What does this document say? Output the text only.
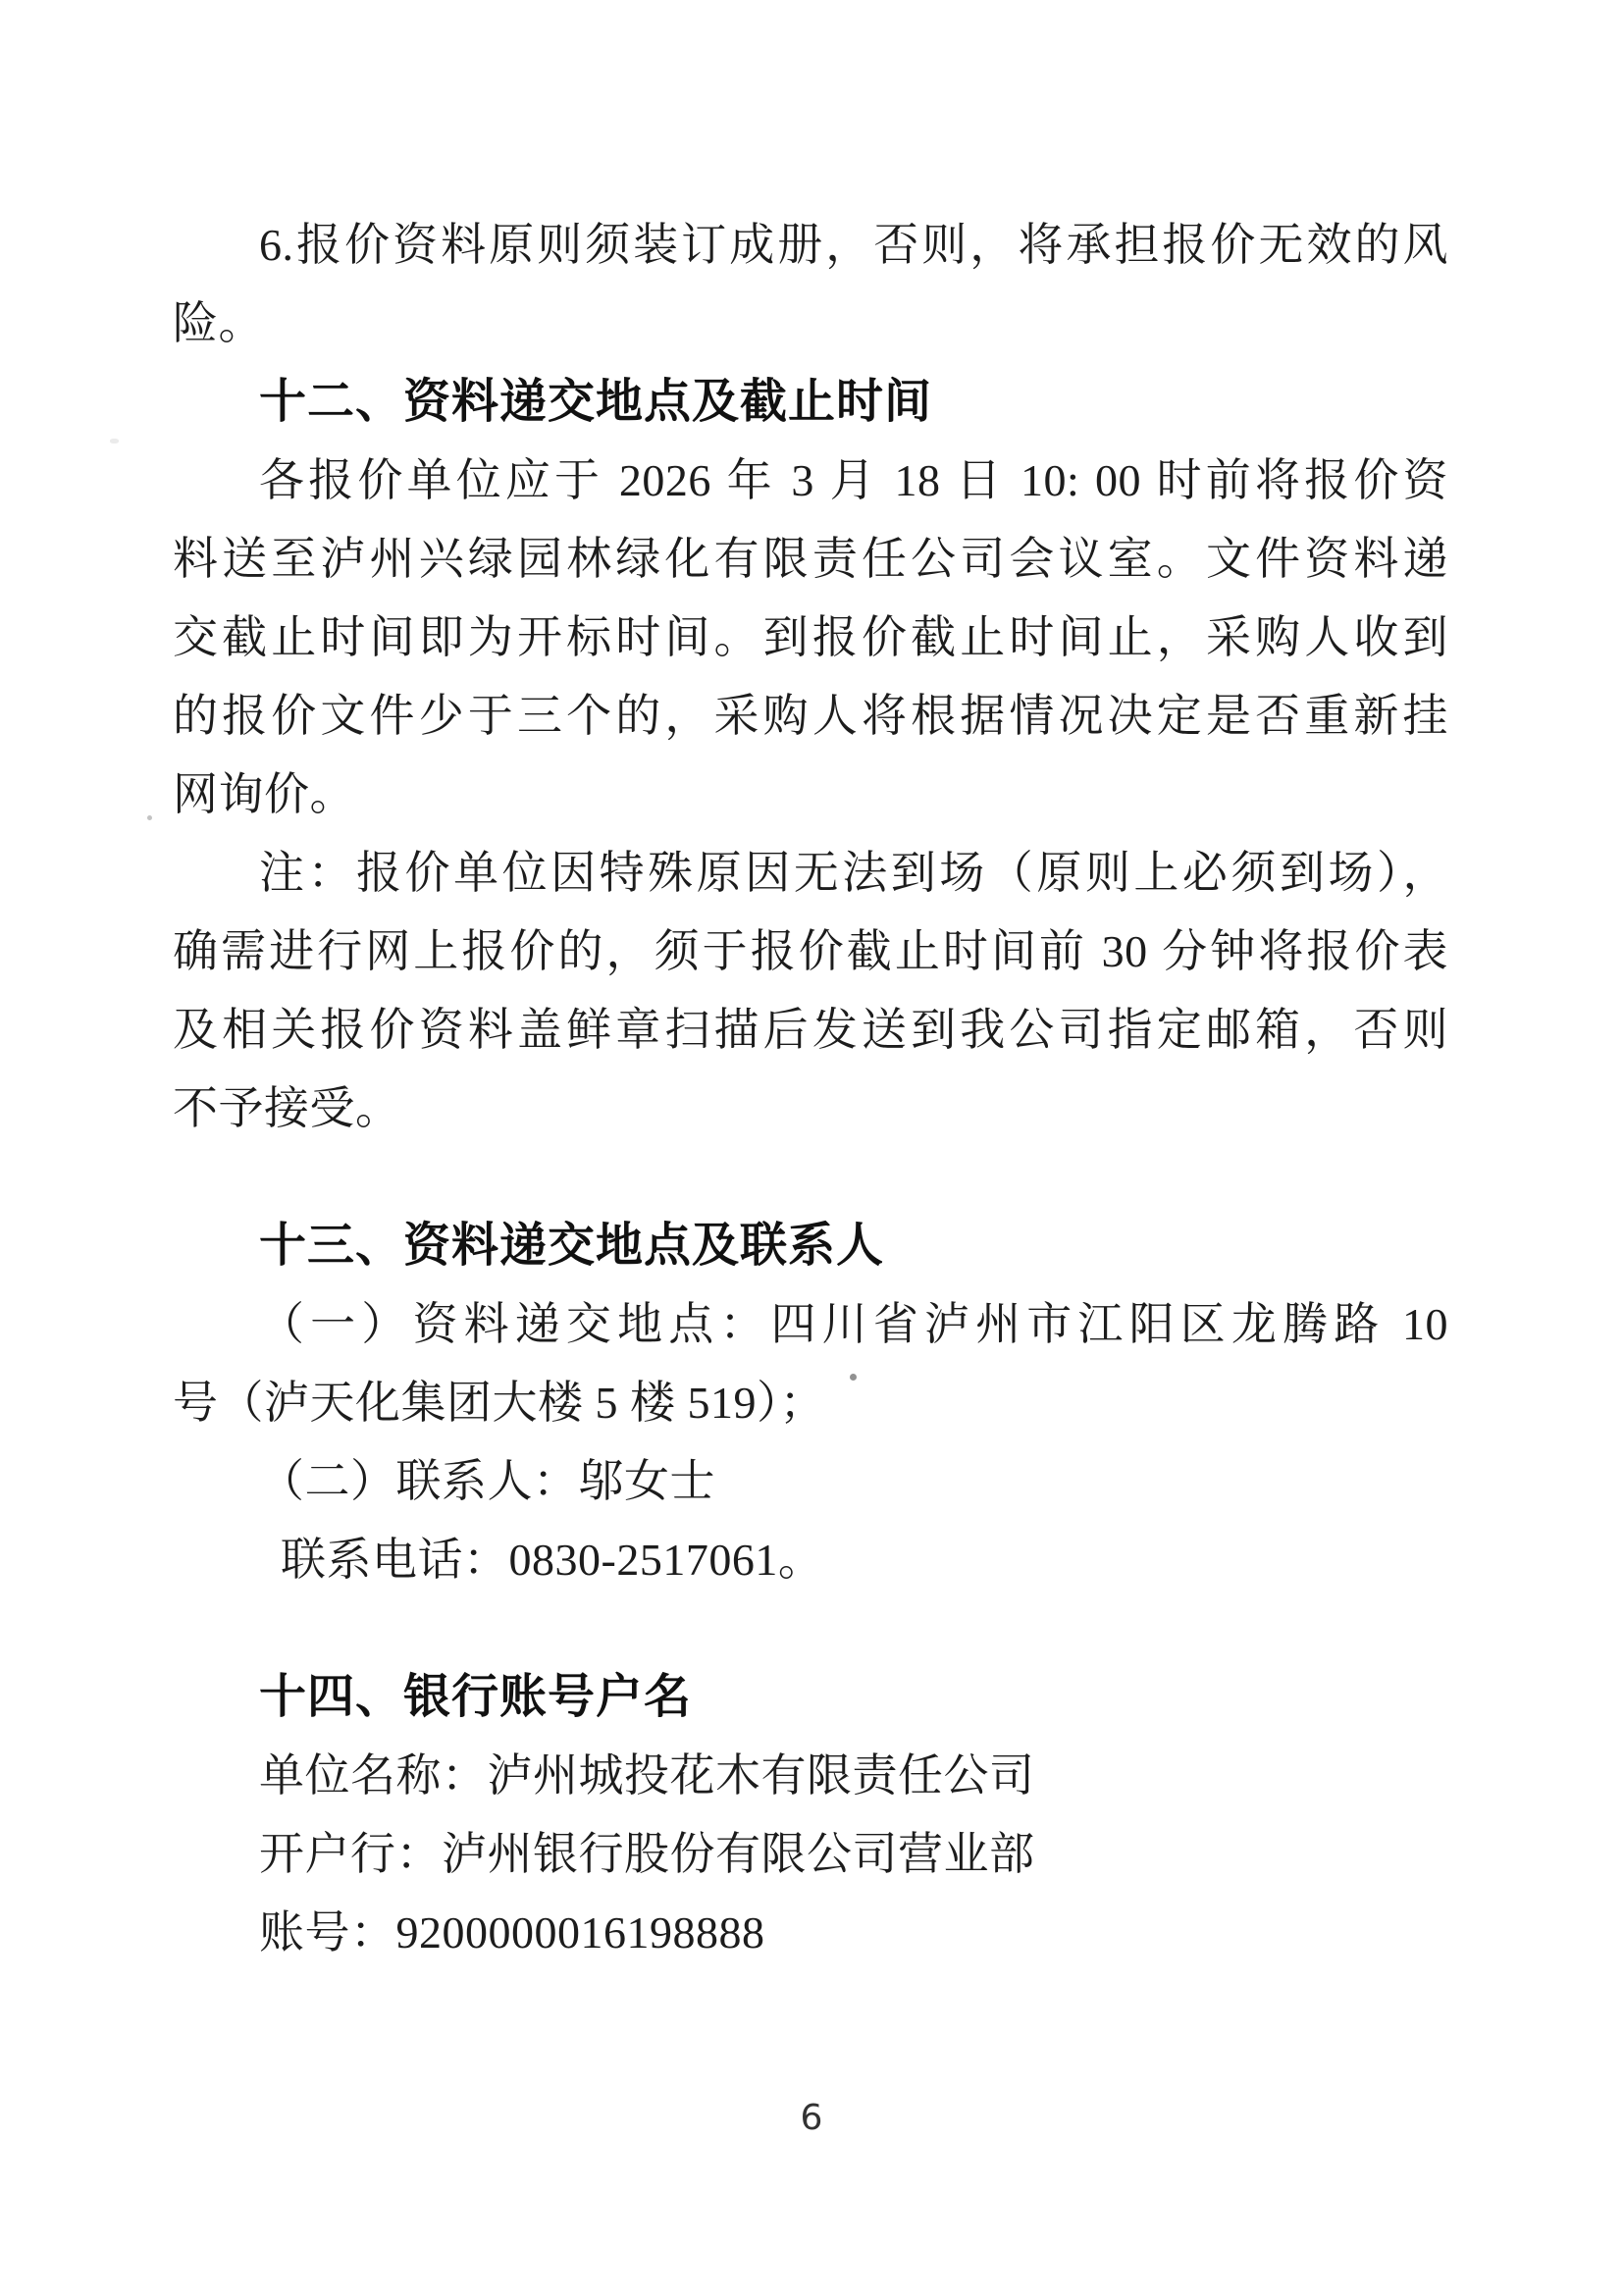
6.报价资料原则须装订成册，否则，将承担报价无效的风
险。
十二、资料递交地点及截止时间
各报价单位应于 2026 年 3 月 18 日 10: 00 时前将报价资
料送至泸州兴绿园林绿化有限责任公司会议室。文件资料递
交截止时间即为开标时间。到报价截止时间止，采购人收到
的报价文件少于三个的，采购人将根据情况决定是否重新挂
网询价。
注：报价单位因特殊原因无法到场（原则上必须到场），
确需进行网上报价的，须于报价截止时间前 30 分钟将报价表
及相关报价资料盖鲜章扫描后发送到我公司指定邮箱，否则
不予接受。
十三、资料递交地点及联系人
（一）资料递交地点：四川省泸州市江阳区龙腾路 10
号（泸天化集团大楼 5 楼 519）；
（二）联系人：邬女士
联系电话：0830-2517061。
十四、银行账号户名
单位名称：泸州城投花木有限责任公司
开户行：泸州银行股份有限公司营业部
账号：9200000016198888
6
